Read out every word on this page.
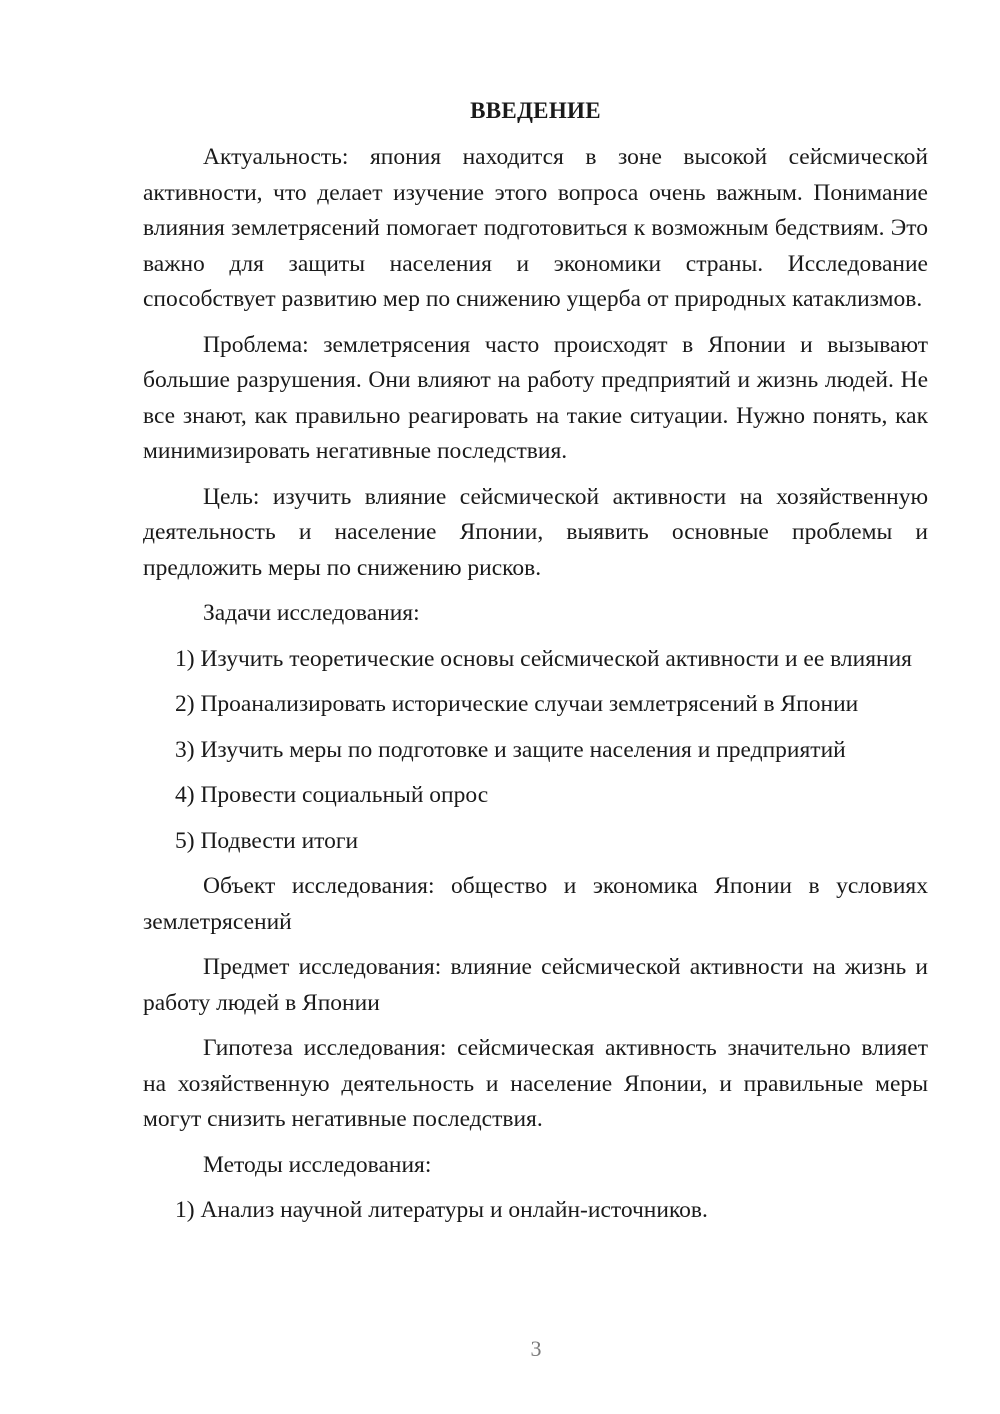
ВВЕДЕНИЕ

Актуальность: япония находится в зоне высокой сейсмической активности, что делает изучение этого вопроса очень важным. Понимание влияния землетрясений помогает подготовиться к возможным бедствиям. Это важно для защиты населения и экономики страны. Исследование способствует развитию мер по снижению ущерба от природных катаклизмов.

Проблема: землетрясения часто происходят в Японии и вызывают большие разрушения. Они влияют на работу предприятий и жизнь людей. Не все знают, как правильно реагировать на такие ситуации. Нужно понять, как минимизировать негативные последствия.

Цель: изучить влияние сейсмической активности на хозяйственную деятельность и население Японии, выявить основные проблемы и предложить меры по снижению рисков.

Задачи исследования:

1) Изучить теоретические основы сейсмической активности и ее влияния

2) Проанализировать исторические случаи землетрясений в Японии

3) Изучить меры по подготовке и защите населения и предприятий

4) Провести социальный опрос

5) Подвести итоги

Объект исследования: общество и экономика Японии в условиях землетрясений

Предмет исследования: влияние сейсмической активности на жизнь и работу людей в Японии

Гипотеза исследования: сейсмическая активность значительно влияет на хозяйственную деятельность и население Японии, и правильные меры могут снизить негативные последствия.

Методы исследования:

1) Анализ научной литературы и онлайн-источников.

3
